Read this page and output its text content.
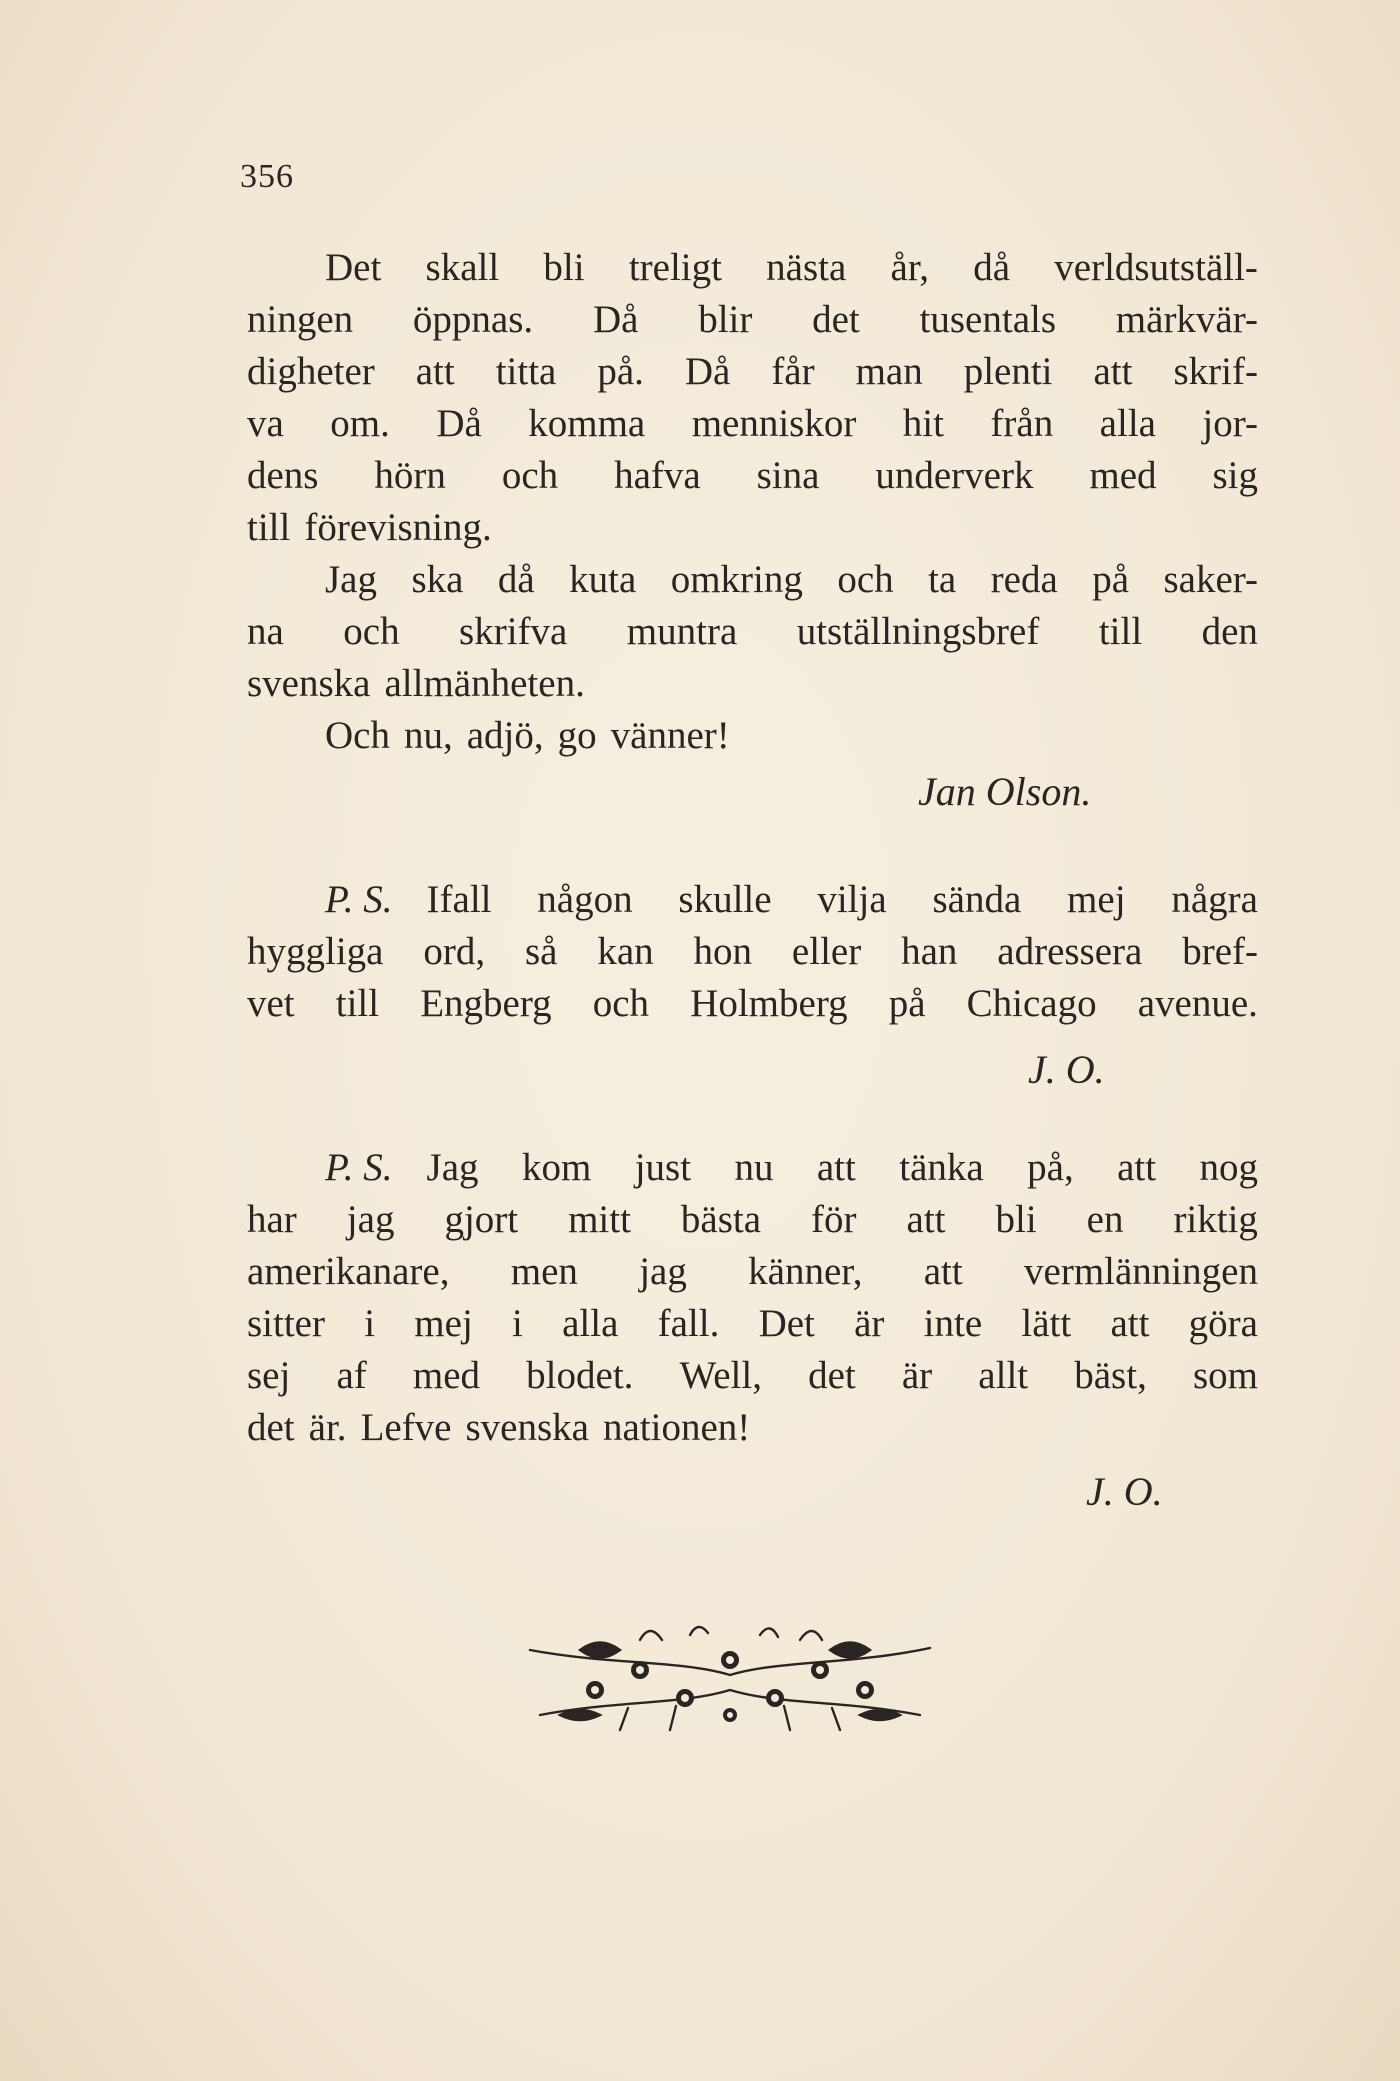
356
Det skall bli treligt nästa år, då verldsutställ-
ningen öppnas. Då blir det tusentals märkvär-
digheter att titta på. Då får man plenti att skrif-
va om. Då komma menniskor hit från alla jor-
dens hörn och hafva sina underverk med sig
till förevisning.
Jag ska då kuta omkring och ta reda på saker-
na och skrifva muntra utställningsbref till den
svenska allmänheten.
Och nu, adjö, go vänner!
Jan Olson.
P. S. Ifall någon skulle vilja sända mej några
hyggliga ord, så kan hon eller han adressera bref-
vet till Engberg och Holmberg på Chicago avenue.
J. O.
P. S. Jag kom just nu att tänka på, att nog
har jag gjort mitt bästa för att bli en riktig
amerikanare, men jag känner, att vermlänningen
sitter i mej i alla fall. Det är inte lätt att göra
sej af med blodet. Well, det är allt bäst, som
det är. Lefve svenska nationen!
J. O.
